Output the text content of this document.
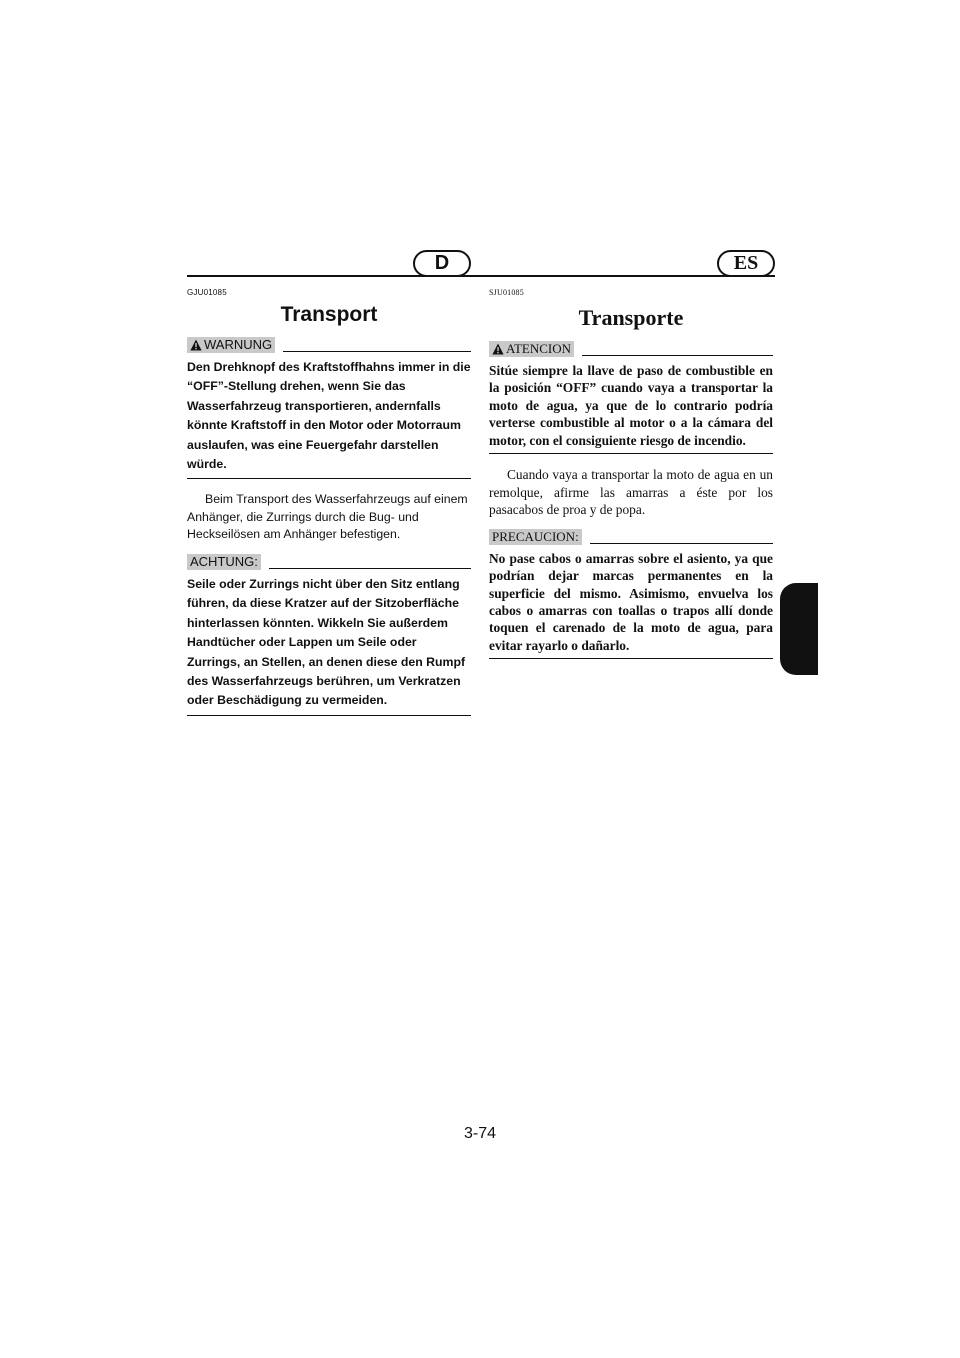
D	ES

GJU01085

Transport
WARNUNG

Den Drehknopf des Kraftstoffhahns immer in die “OFF”-Stellung drehen, wenn Sie das Wasserfahrzeug transportieren, andernfalls könnte Kraftstoff in den Motor oder Motorraum auslaufen, was eine Feuergefahr darstellen würde.

Beim Transport des Wasserfahrzeugs auf einem Anhänger, die Zurrings durch die Bug- und Heckseilösen am Anhänger befestigen.

ACHTUNG:

Seile oder Zurrings nicht über den Sitz entlang führen, da diese Kratzer auf der Sitzoberfläche hinterlassen könnten. Wikkeln Sie außerdem Handtücher oder Lappen um Seile oder Zurrings, an Stellen, an denen diese den Rumpf des Wasserfahrzeugs berühren, um Verkratzen oder Beschädigung zu vermeiden.

SJU01085

Transporte
ATENCION

Sitúe siempre la llave de paso de combustible en la posición “OFF” cuando vaya a transportar la moto de agua, ya que de lo contrario podría verterse combustible al motor o a la cámara del motor, con el consiguiente riesgo de incendio.

Cuando vaya a transportar la moto de agua en un remolque, afirme las amarras a éste por los pasacabos de proa y de popa.

PRECAUCION:

No pase cabos o amarras sobre el asiento, ya que podrían dejar marcas permanentes en la superficie del mismo. Asimismo, envuelva los cabos o amarras con toallas o trapos allí donde toquen el carenado de la moto de agua, para evitar rayarlo o dañarlo.

3-74
